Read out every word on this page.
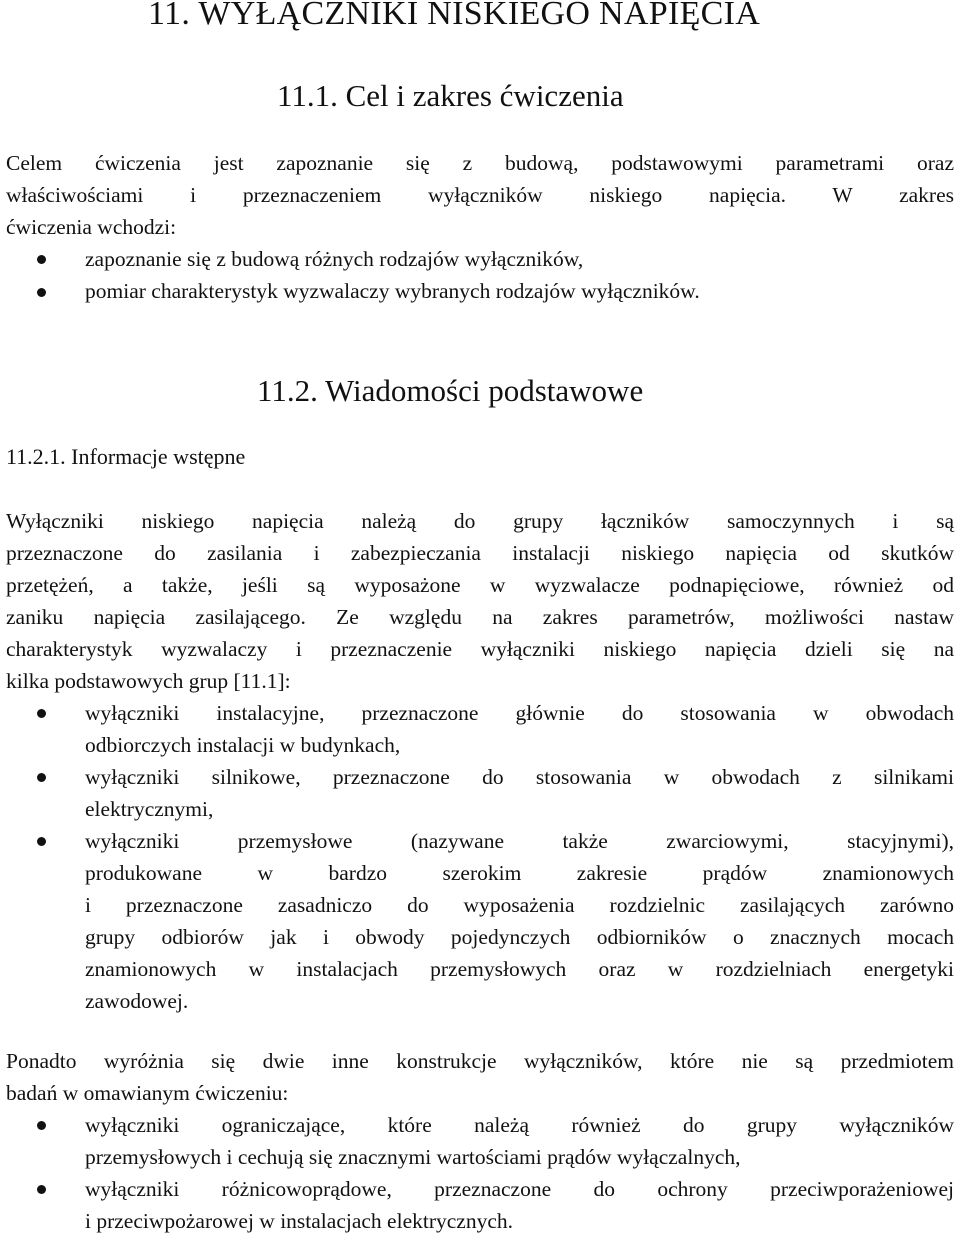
11. WYŁĄCZNIKI NISKIEGO NAPIĘCIA
11.1. Cel i zakres ćwiczenia
Celem ćwiczenia jest zapoznanie się z budową, podstawowymi parametrami oraz
właściwościami i przeznaczeniem wyłączników niskiego napięcia. W zakres
ćwiczenia wchodzi:
zapoznanie się z budową różnych rodzajów wyłączników,
pomiar charakterystyk wyzwalaczy wybranych rodzajów wyłączników.
11.2. Wiadomości podstawowe
11.2.1. Informacje wstępne
Wyłączniki niskiego napięcia należą do grupy łączników samoczynnych i są
przeznaczone do zasilania i zabezpieczania instalacji niskiego napięcia od skutków
przetężeń, a także, jeśli są wyposażone w wyzwalacze podnapięciowe, również od
zaniku napięcia zasilającego. Ze względu na zakres parametrów, możliwości nastaw
charakterystyk wyzwalaczy i przeznaczenie wyłączniki niskiego napięcia dzieli się na
kilka podstawowych grup [11.1]:
wyłączniki instalacyjne, przeznaczone głównie do stosowania w obwodach
odbiorczych instalacji w budynkach,
wyłączniki silnikowe, przeznaczone do stosowania w obwodach z silnikami
elektrycznymi,
wyłączniki przemysłowe (nazywane także zwarciowymi, stacyjnymi),
produkowane w bardzo szerokim zakresie prądów znamionowych
i przeznaczone zasadniczo do wyposażenia rozdzielnic zasilających zarówno
grupy odbiorów jak i obwody pojedynczych odbiorników o znacznych mocach
znamionowych w instalacjach przemysłowych oraz w rozdzielniach energetyki
zawodowej.
Ponadto wyróżnia się dwie inne konstrukcje wyłączników, które nie są przedmiotem
badań w omawianym ćwiczeniu:
wyłączniki ograniczające, które należą również do grupy wyłączników
przemysłowych i cechują się znacznymi wartościami prądów wyłączalnych,
wyłączniki różnicowoprądowe, przeznaczone do ochrony przeciwporażeniowej
i przeciwpożarowej w instalacjach elektrycznych.
